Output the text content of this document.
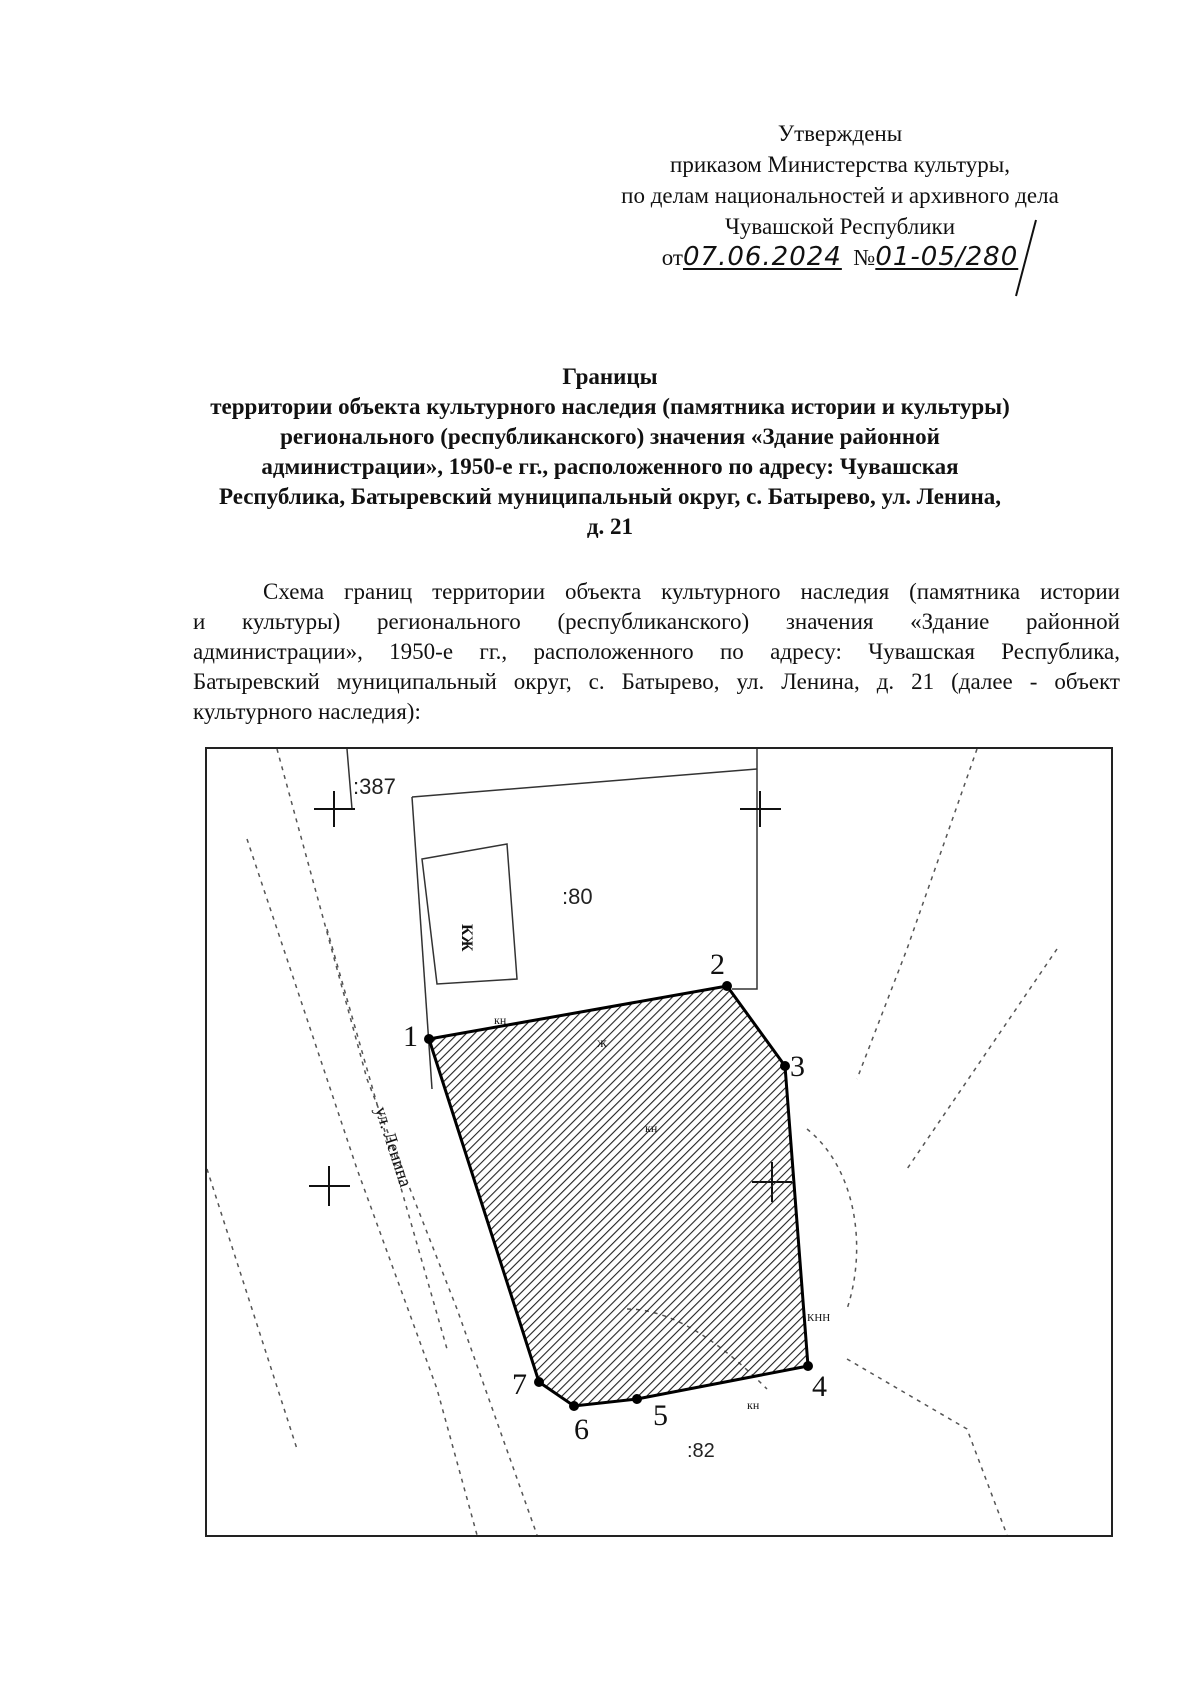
Утверждены
приказом Министерства культуры,
по делам национальностей и архивного дела
Чувашской Республики
от07.06.2024 №01-05/280
Границы
территории объекта культурного наследия (памятника истории и культуры)
регионального (республиканского) значения «Здание районной
администрации», 1950-е гг., расположенного по адресу: Чувашская
Республика, Батыревский муниципальный округ, с. Батырево, ул. Ленина,
д. 21
Схема границ территории объекта культурного наследия (памятника истории
и культуры) регионального (республиканского) значения «Здание районной
администрации», 1950-е гг., расположенного по адресу: Чувашская Республика,
Батыревский муниципальный округ, с. Батырево, ул. Ленина, д. 21 (далее - объект
культурного наследия):
1
2
3
4
5
6
7
:387
:80
:82
КЖ
ул. Ленина
кн
кн
кн
КНН
ж
